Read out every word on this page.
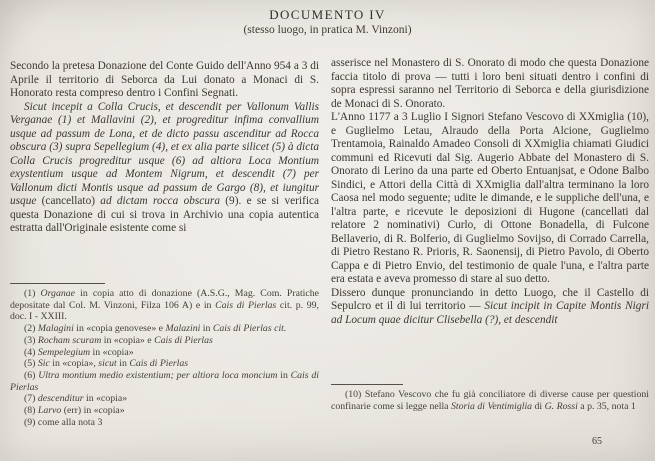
DOCUMENTO IV
(stesso luogo, in pratica M. Vinzoni)

Secondo la pretesa Donazione del Conte Guido dell'Anno 954 a 3 di Aprile il territorio di Seborca da Lui donato a Monaci di S. Honorato resta compreso dentro i Confini Segnati.

Sicut incepit a Colla Crucis, et descendit per Vallonum Vallis Verganae (1) et Mallavini (2), et progreditur infima convallium usque ad passum de Lona, et de dicto passu ascenditur ad Rocca obscura (3) supra Sepellegium (4), et ex alia parte silicet (5) à dicta Colla Crucis progreditur usque (6) ad altiora Loca Montium exystentium usque ad Montem Nigrum, et descendit (7) per Vallonum dicti Montis usque ad passum de Gargo (8), et iungitur usque (cancellato) ad dictam rocca obscura (9). e se si verifica questa Donazione di cui si trova in Archivio una copia autentica estratta dall'Originale esistente come si

(1) Organae in copia atto di donazione (A.S.G., Mag. Com. Pratiche depositate dal Col. M. Vinzoni, Filza 106 A) e in Cais di Pierlas cit. p. 99, doc. I - XXIII.

(2) Malagini in «copia genovese» e Malazini in Cais di Pierlas cit.

(3) Rocham scuram in «copia» e Cais di Pierlas

(4) Sempelegium in «copia»

(5) Sic in «copia», sicut in Cais di Pierlas

(6) Ultra montium medio existentium; per altiora loca moncium in Cais di Pierlas

(7) descenditur in «copia»

(8) Larvo (err) in «copia»

(9) come alla nota 3

asserisce nel Monastero di S. Onorato di modo che questa Donazione faccia titolo di prova — tutti i loro beni situati dentro i confini di sopra espressi saranno nel Territorio di Seborca e della giurisdizione de Monaci di S. Onorato.

L'Anno 1177 a 3 Luglio I Signori Stefano Vescovo di XXmiglia (10), e Guglielmo Letau, Alraudo della Porta Alcione, Guglielmo Trentamoia, Rainaldo Amadeo Consoli di XXmiglia chiamati Giudici communi ed Ricevuti dal Sig. Augerio Abbate del Monastero di S. Onorato di Lerino da una parte ed Oberto Entuanjsat, e Odone Balbo Sindici, e Attori della Città di XXmiglia dall'altra terminano la loro Caosa nel modo seguente; udite le dimande, e le suppliche dell'una, e l'altra parte, e ricevute le deposizioni di Hugone (cancellati dal relatore 2 nominativi) Curlo, di Ottone Bonadella, di Fulcone Bellaverio, di R. Bolferio, di Guglielmo Sovijso, di Corrado Carrella, di Pietro Restano R. Prioris, R. Saonensij, di Pietro Pavolo, di Oberto Cappa e di Pietro Envio, del testimonio de quale l'una, e l'altra parte era estata e aveva promesso di stare al suo detto.

Dissero dunque pronunciando in detto Luogo, che il Castello di Sepulcro et il di lui territorio — Sicut incipit in Capite Montis Nigri ad Locum quae dicitur Clisebella (?), et descendit

(10) Stefano Vescovo che fu già conciliatore di diverse cause per questioni confinarie come si legge nella Storia di Ventimiglia di G. Rossi a p. 35, nota 1

65
